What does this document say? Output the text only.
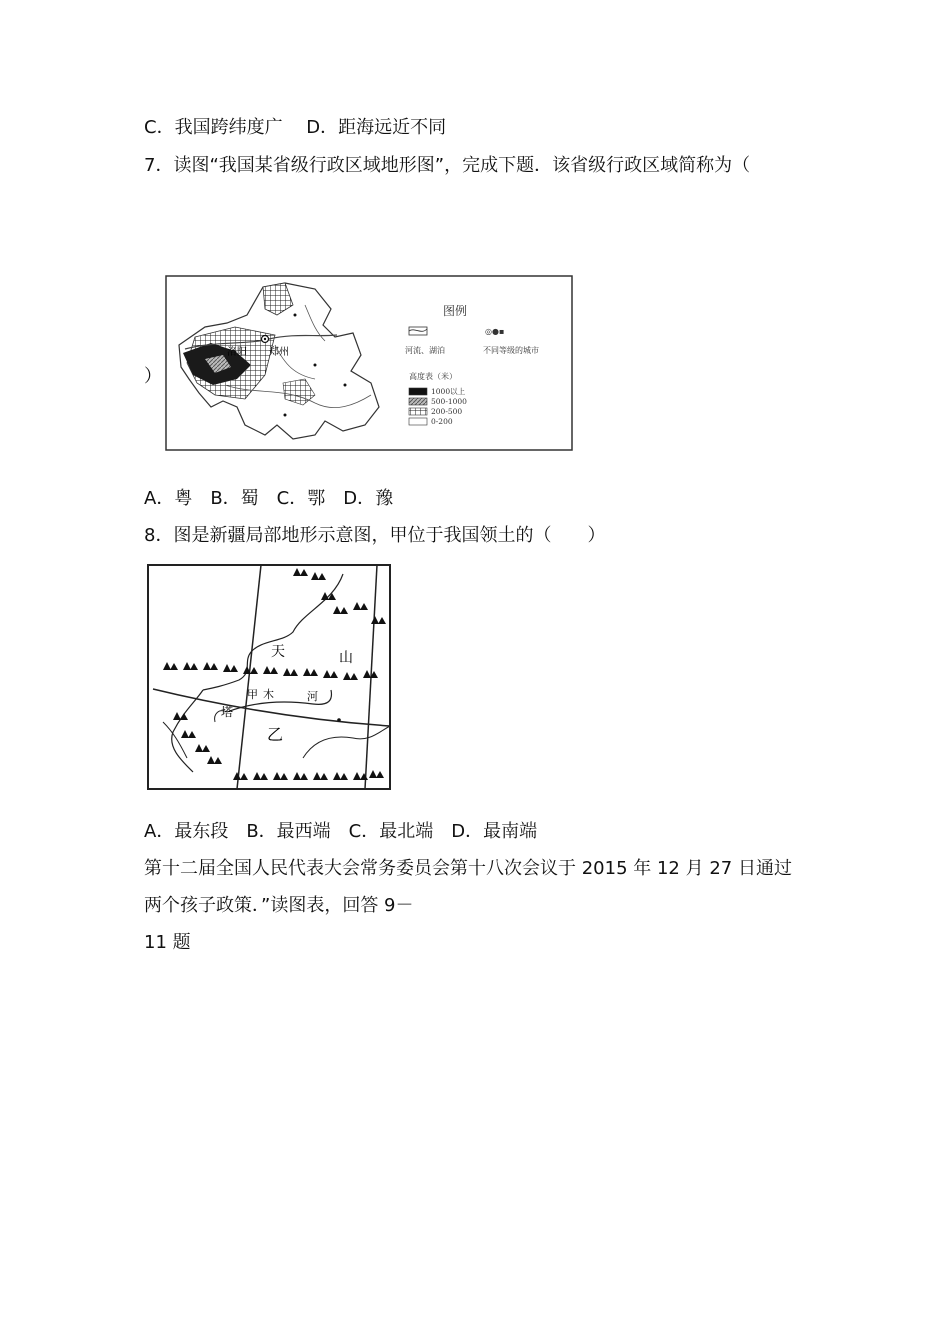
C．我国跨纬度广　 D．距海远近不同
7．读图“我国某省级行政区域地形图”，完成下题．该省级行政区域简称为（
）
洛阳 郑州
图例
◎●▪
河流、湖泊	不同等级的城市
高度表（米）
1000以上
500-1000
200-500
0-200
A．粤　B．蜀　C．鄂　D．豫
8．图是新疆局部地形示意图，甲位于我国领土的（　　）
天	山
甲 木	河
塔
乙
A．最东段　B．最西端　C．最北端　D．最南端
第十二届全国人民代表大会常务委员会第十八次会议于 2015 年 12 月 27 日通过
两个孩子政策．”读图表，回答 9－
11 题
